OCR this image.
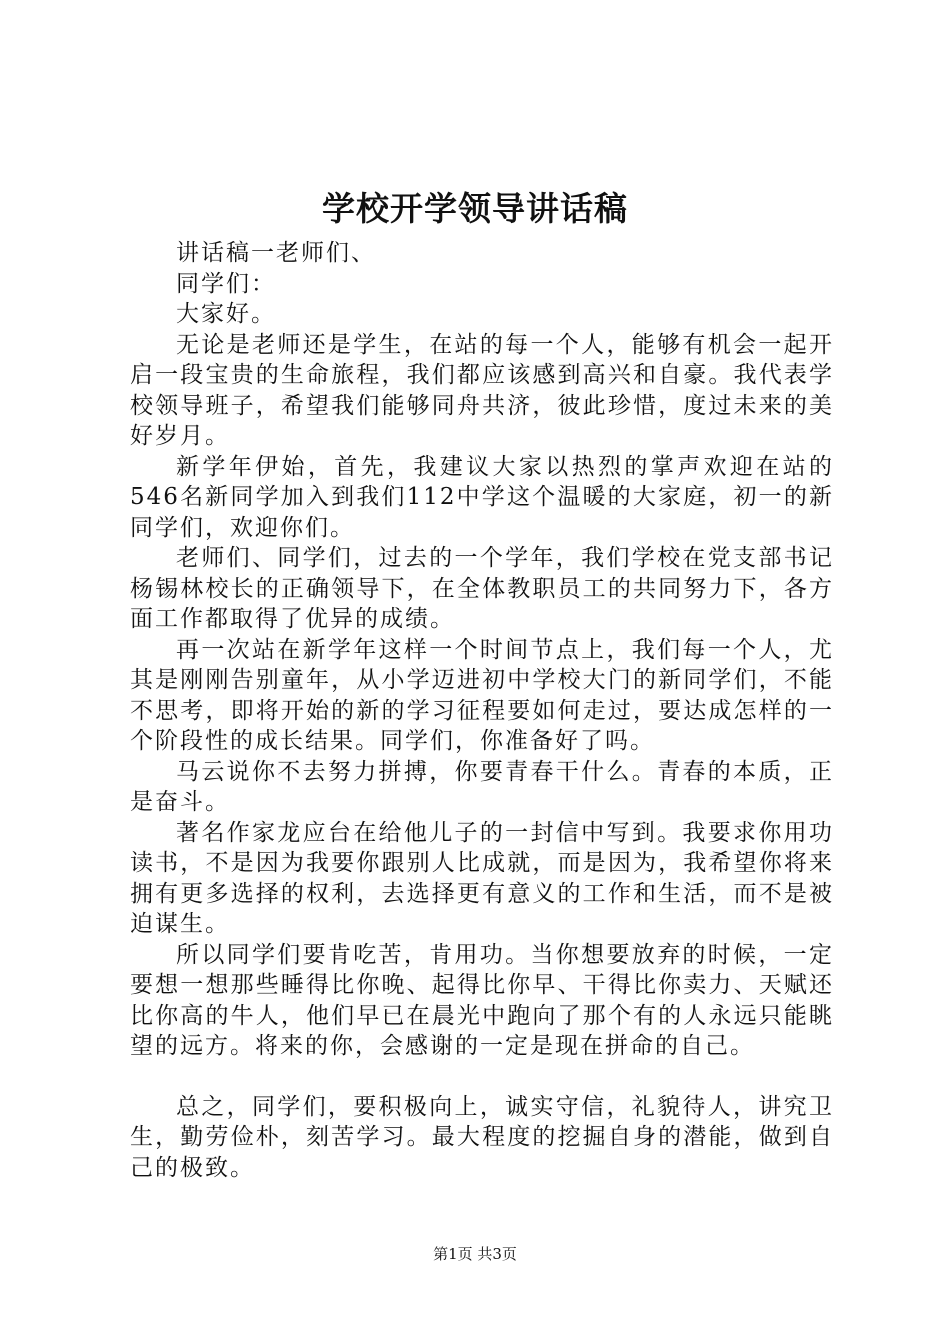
学校开学领导讲话稿

讲话稿一老师们、

同学们：

大家好。

无论是老师还是学生，在站的每一个人，能够有机会一起开启一段宝贵的生命旅程，我们都应该感到高兴和自豪。我代表学校领导班子，希望我们能够同舟共济，彼此珍惜，度过未来的美好岁月。

新学年伊始，首先，我建议大家以热烈的掌声欢迎在站的546名新同学加入到我们112中学这个温暖的大家庭，初一的新同学们，欢迎你们。

老师们、同学们，过去的一个学年，我们学校在党支部书记杨锡林校长的正确领导下，在全体教职员工的共同努力下，各方面工作都取得了优异的成绩。

再一次站在新学年这样一个时间节点上，我们每一个人，尤其是刚刚告别童年，从小学迈进初中学校大门的新同学们，不能不思考，即将开始的新的学习征程要如何走过，要达成怎样的一个阶段性的成长结果。同学们，你准备好了吗。

马云说你不去努力拼搏，你要青春干什么。青春的本质，正是奋斗。

著名作家龙应台在给他儿子的一封信中写到。我要求你用功读书，不是因为我要你跟别人比成就，而是因为，我希望你将来拥有更多选择的权利，去选择更有意义的工作和生活，而不是被迫谋生。

所以同学们要肯吃苦，肯用功。当你想要放弃的时候，一定要想一想那些睡得比你晚、起得比你早、干得比你卖力、天赋还比你高的牛人，他们早已在晨光中跑向了那个有的人永远只能眺望的远方。将来的你，会感谢的一定是现在拼命的自己。

总之，同学们，要积极向上，诚实守信，礼貌待人，讲究卫生，勤劳俭朴，刻苦学习。最大程度的挖掘自身的潜能，做到自己的极致。

第1页 共3页
